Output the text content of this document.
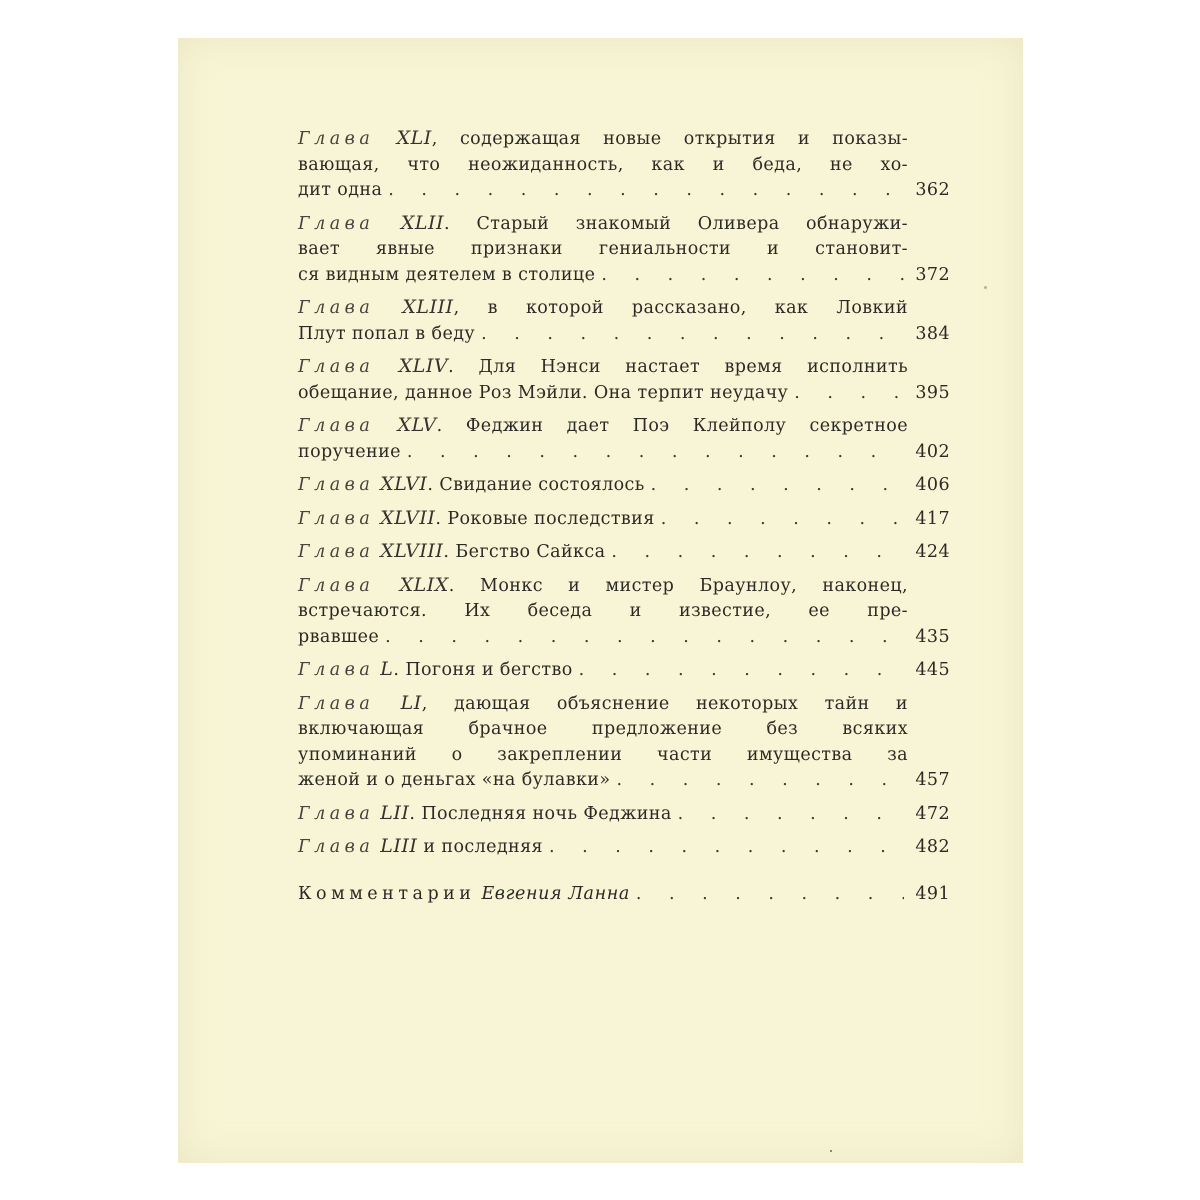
Глава XLI, содержащая новые открытия и показы-
вающая, что неожиданность, как и беда, не хо-
дит одна . . .	362
Глава XLII. Старый знакомый Оливера обнаружи-
вает явные признаки гениальности и становит-
ся видным деятелем в столице . . .	372
Глава XLIII, в которой рассказано, как Ловкий
Плут попал в беду . . .	384
Глава XLIV. Для Нэнси настает время исполнить
обещание, данное Роз Мэйли. Она терпит неудачу . . .	395
Глава XLV. Феджин дает Поэ Клейполу секретное
поручение . . .	402
Глава XLVI. Свидание состоялось . . .	406
Глава XLVII. Роковые последствия . . .	417
Глава XLVIII. Бегство Сайкса . . .	424
Глава XLIX. Монкс и мистер Браунлоу, наконец,
встречаются. Их беседа и известие, ее пре-
рвавшее . . .	435
Глава L. Погоня и бегство . . .	445
Глава LI, дающая объяснение некоторых тайн и
включающая брачное предложение без всяких
упоминаний о закреплении части имущества за
женой и о деньгах «на булавки» . . .	457
Глава LII. Последняя ночь Феджина . . .	472
Глава LIII и последняя . . .	482
Комментарии Евгения Ланна . . .	491
